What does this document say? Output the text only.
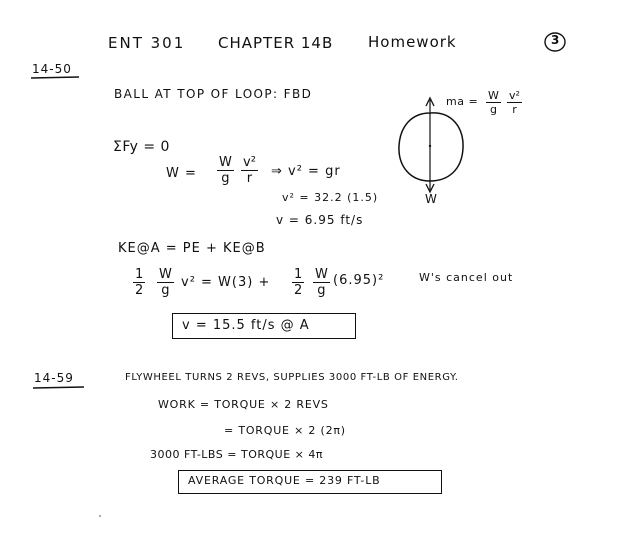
ENT 301 CHAPTER 14B Homework	3
14-50
BALL AT TOP OF LOOP: FBD
ma = $\frac{W}{g} \frac{\text{v²}}{r}$
W
ΣFy = 0
$W = \frac{W}{g} \frac{\text{v²}}{r}$ ⇒ v² = gr
v² = 32.2 (1.5)
v = 6.95 ft/s
KE@A = PE + KE@B
$\frac{1}{2} \frac{W}{g} v^2 = W(3) + \frac{1}{2} \frac{W}{g} (6.95)^2$	W's cancel out
v = 15.5 ft/s @ A
14-59	FLYWHEEL TURNS 2 REVS, SUPPLIES 3000 FT-LB OF ENERGY.
WORK = TORQUE × 2 REVS
= TORQUE × 2 (2π)
3000 FT-LBS = TORQUE × 4π
AVERAGE TORQUE = 239 FT-LB
